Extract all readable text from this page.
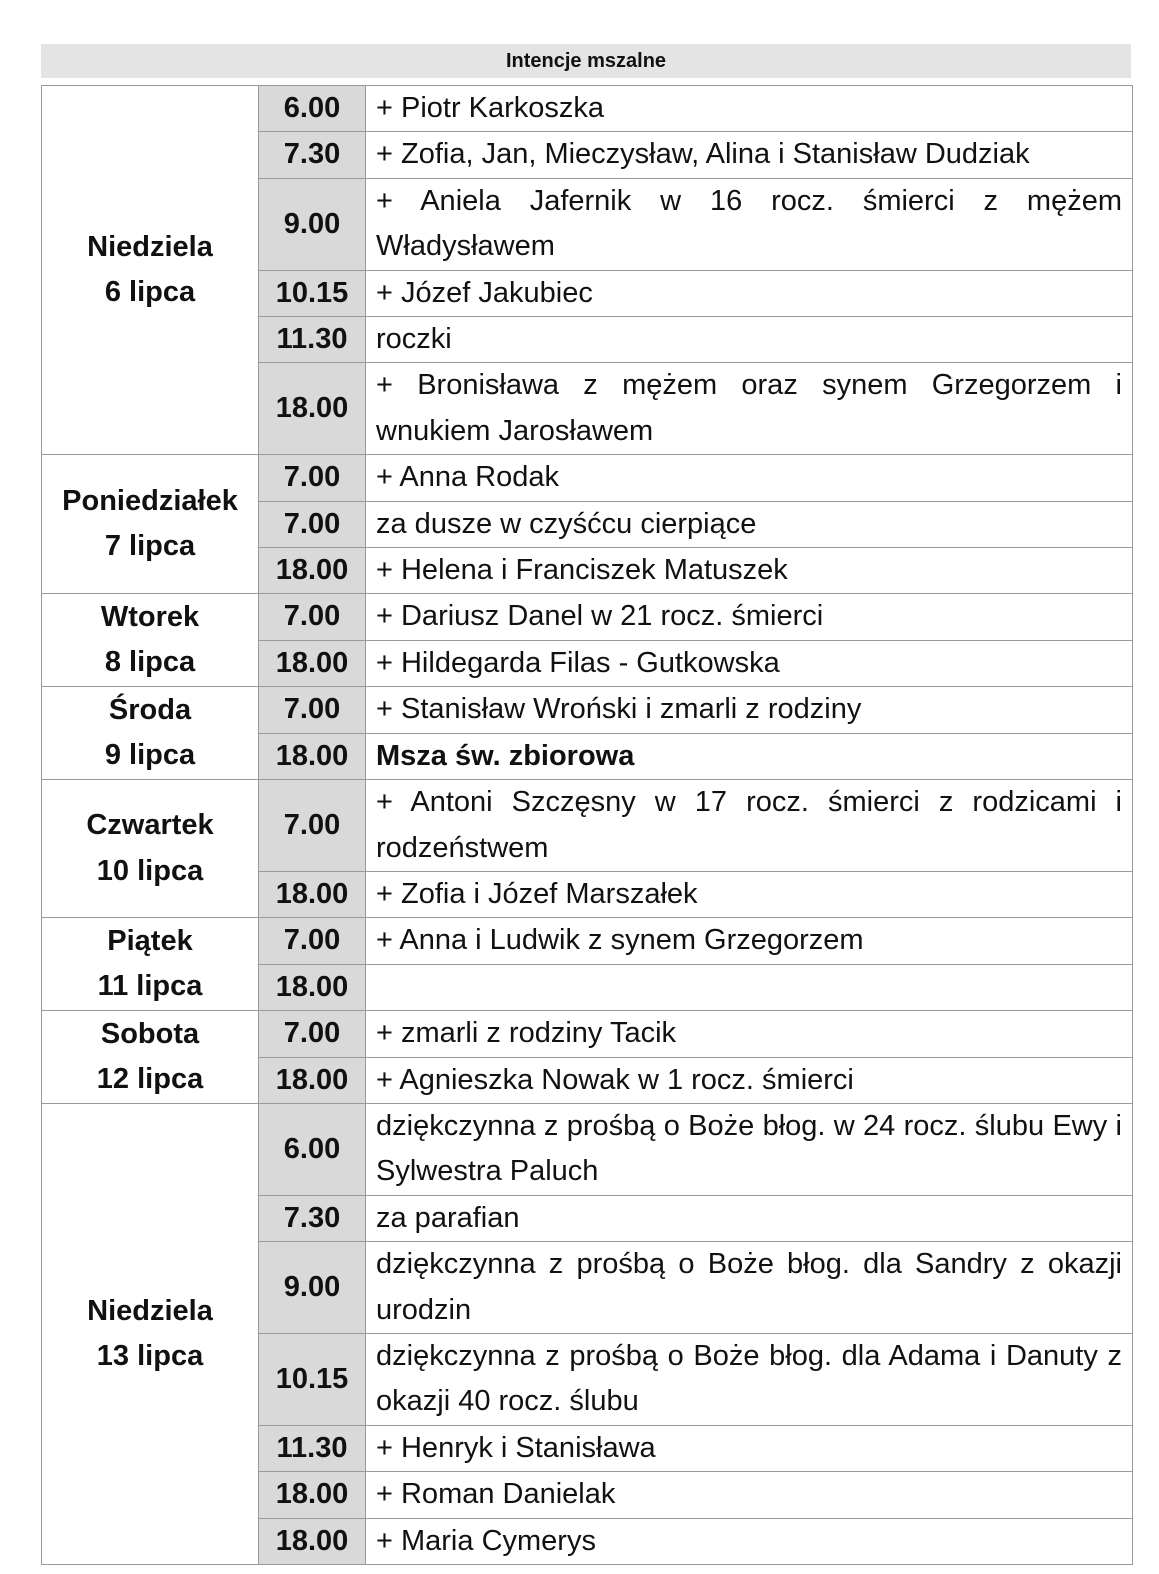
Intencje mszalne
Niedziela
6 lipca	6.00	+ Piotr Karkoszka
	7.30	+ Zofia, Jan, Mieczysław, Alina i Stanisław Dudziak
	9.00	+ Aniela Jafernik w 16 rocz. śmierci z mężem Władysławem
	10.15	+ Józef Jakubiec
	11.30	roczki
	18.00	+ Bronisława z mężem oraz synem Grzegorzem i wnukiem Jarosławem

Poniedziałek
7 lipca	7.00	+ Anna Rodak
	7.00	za dusze w czyśćcu cierpiące
	18.00	+ Helena i Franciszek Matuszek

Wtorek
8 lipca	7.00	+ Dariusz Danel w 21 rocz. śmierci
	18.00	+ Hildegarda Filas - Gutkowska

Środa
9 lipca	7.00	+ Stanisław Wroński i zmarli z rodziny
	18.00	Msza św. zbiorowa

Czwartek
10 lipca	7.00	+ Antoni Szczęsny w 17 rocz. śmierci z rodzicami i rodzeństwem
	18.00	+ Zofia i Józef Marszałek

Piątek
11 lipca	7.00	+ Anna i Ludwik z synem Grzegorzem
	18.00	

Sobota
12 lipca	7.00	+ zmarli z rodziny Tacik
	18.00	+ Agnieszka Nowak w 1 rocz. śmierci

Niedziela
13 lipca	6.00	dziękczynna z prośbą o Boże błog. w 24 rocz. ślubu Ewy i Sylwestra Paluch
	7.30	za parafian
	9.00	dziękczynna z prośbą o Boże błog. dla Sandry z okazji urodzin
	10.15	dziękczynna z prośbą o Boże błog. dla Adama i Danuty z okazji 40 rocz. ślubu
	11.30	+ Henryk i Stanisława
	18.00	+ Roman Danielak
	18.00	+ Maria Cymerys
